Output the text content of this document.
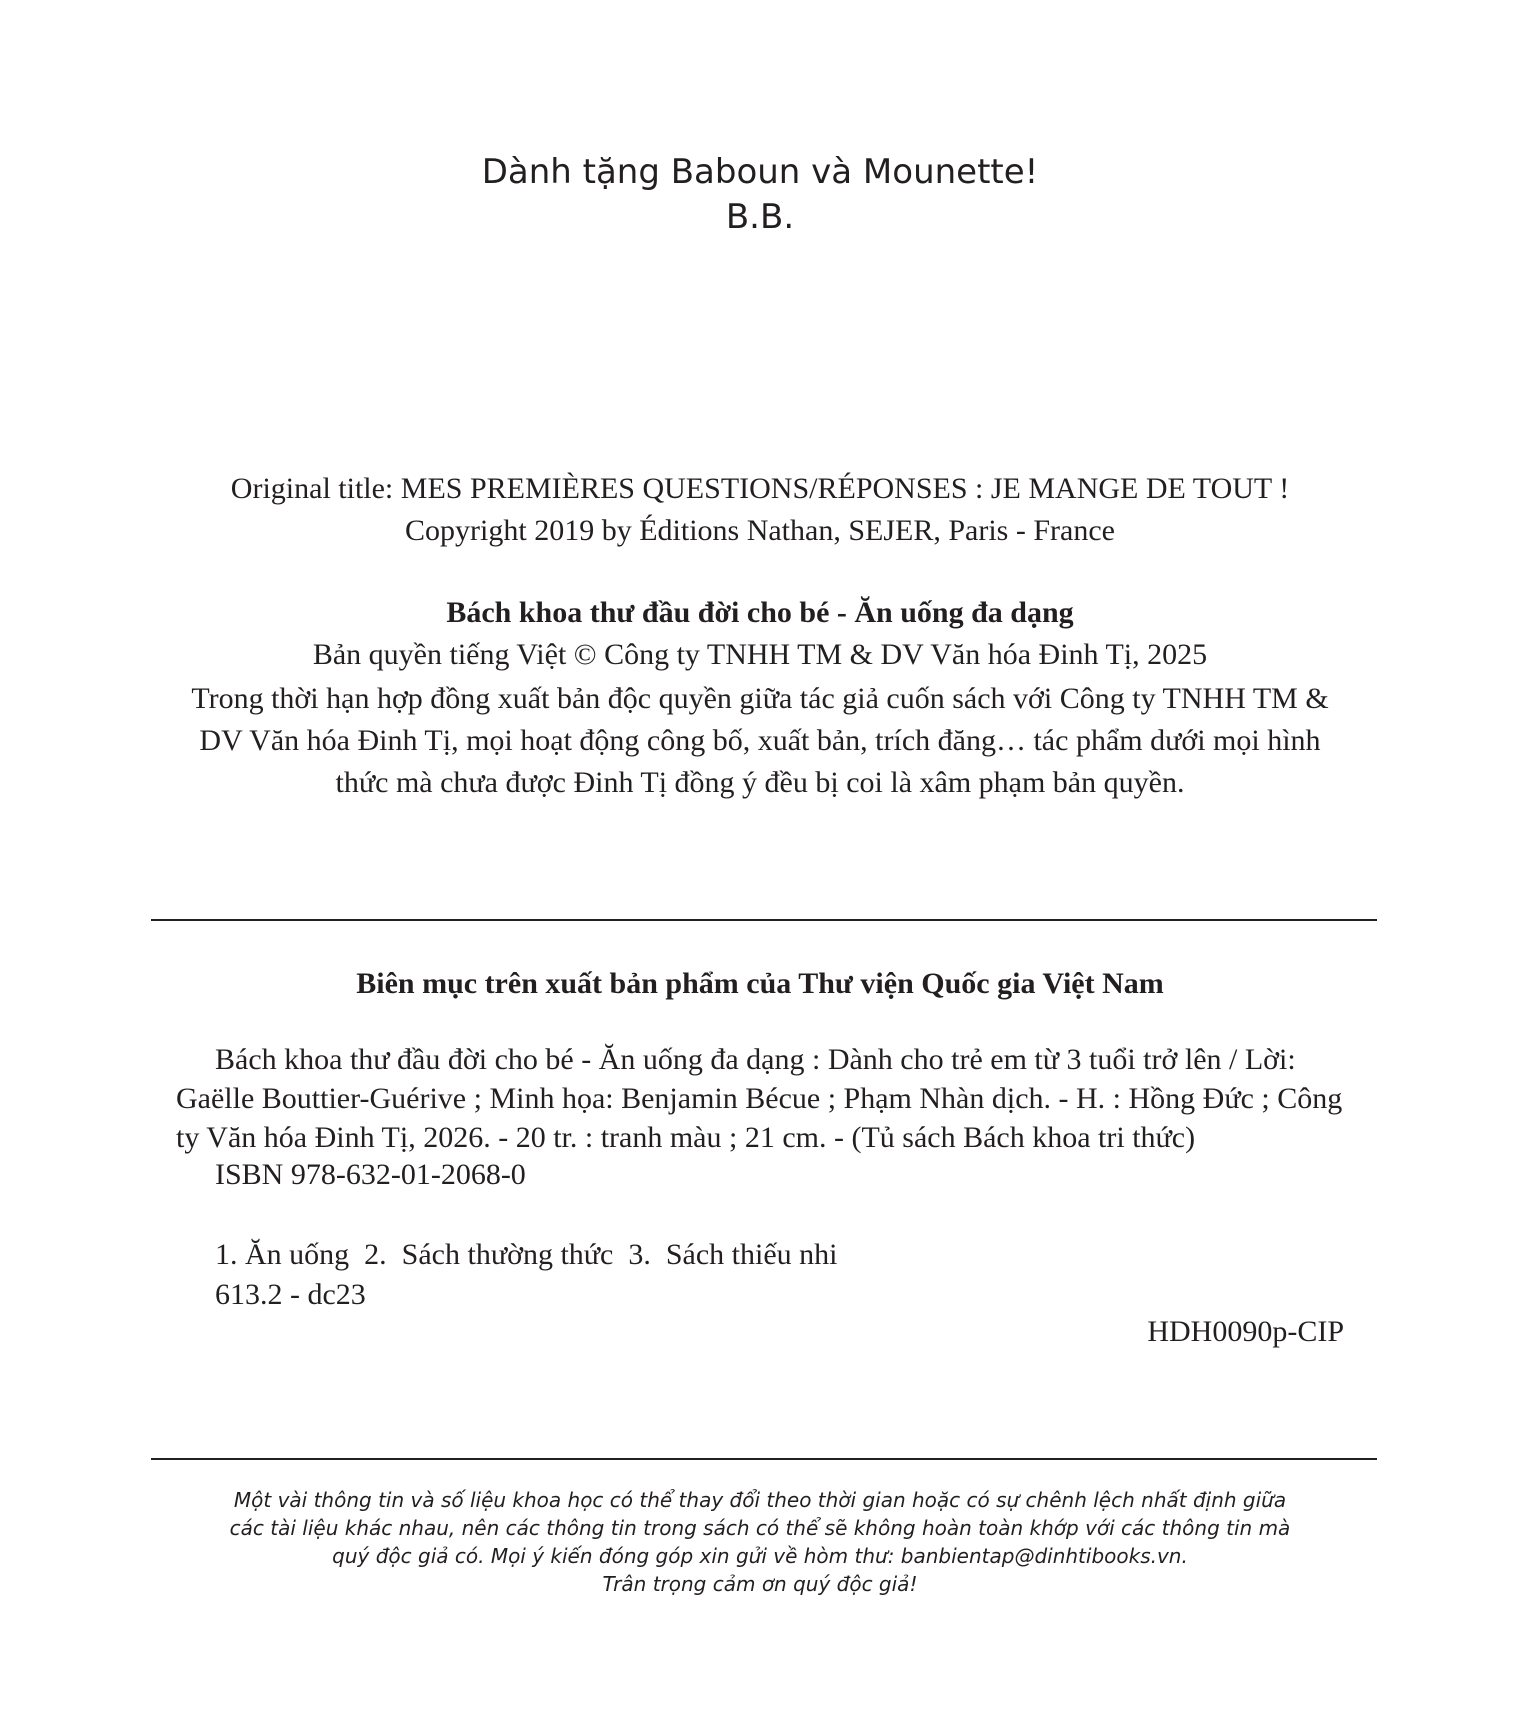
Dành tặng Baboun và Mounette!
B.B.
Original title: MES PREMIÈRES QUESTIONS/RÉPONSES : JE MANGE DE TOUT !
Copyright 2019 by Éditions Nathan, SEJER, Paris - France
Bách khoa thư đầu đời cho bé - Ăn uống đa dạng
Bản quyền tiếng Việt © Công ty TNHH TM & DV Văn hóa Đinh Tị, 2025
Trong thời hạn hợp đồng xuất bản độc quyền giữa tác giả cuốn sách với Công ty TNHH TM & DV Văn hóa Đinh Tị, mọi hoạt động công bố, xuất bản, trích đăng… tác phẩm dưới mọi hình thức mà chưa được Đinh Tị đồng ý đều bị coi là xâm phạm bản quyền.
Biên mục trên xuất bản phẩm của Thư viện Quốc gia Việt Nam
Bách khoa thư đầu đời cho bé - Ăn uống đa dạng : Dành cho trẻ em từ 3 tuổi trở lên / Lời: Gaëlle Bouttier-Guérive ; Minh họa: Benjamin Bécue ; Phạm Nhàn dịch. - H. : Hồng Đức ; Công ty Văn hóa Đinh Tị, 2026. - 20 tr. : tranh màu ; 21 cm. - (Tủ sách Bách khoa tri thức)
ISBN 978-632-01-2068-0
1. Ăn uống  2.  Sách thường thức  3.  Sách thiếu nhi
613.2 - dc23
HDH0090p-CIP
Một vài thông tin và số liệu khoa học có thể thay đổi theo thời gian hoặc có sự chênh lệch nhất định giữa
các tài liệu khác nhau, nên các thông tin trong sách có thể sẽ không hoàn toàn khớp với các thông tin mà
quý độc giả có. Mọi ý kiến đóng góp xin gửi về hòm thư: banbientap@dinhtibooks.vn.
Trân trọng cảm ơn quý độc giả!
